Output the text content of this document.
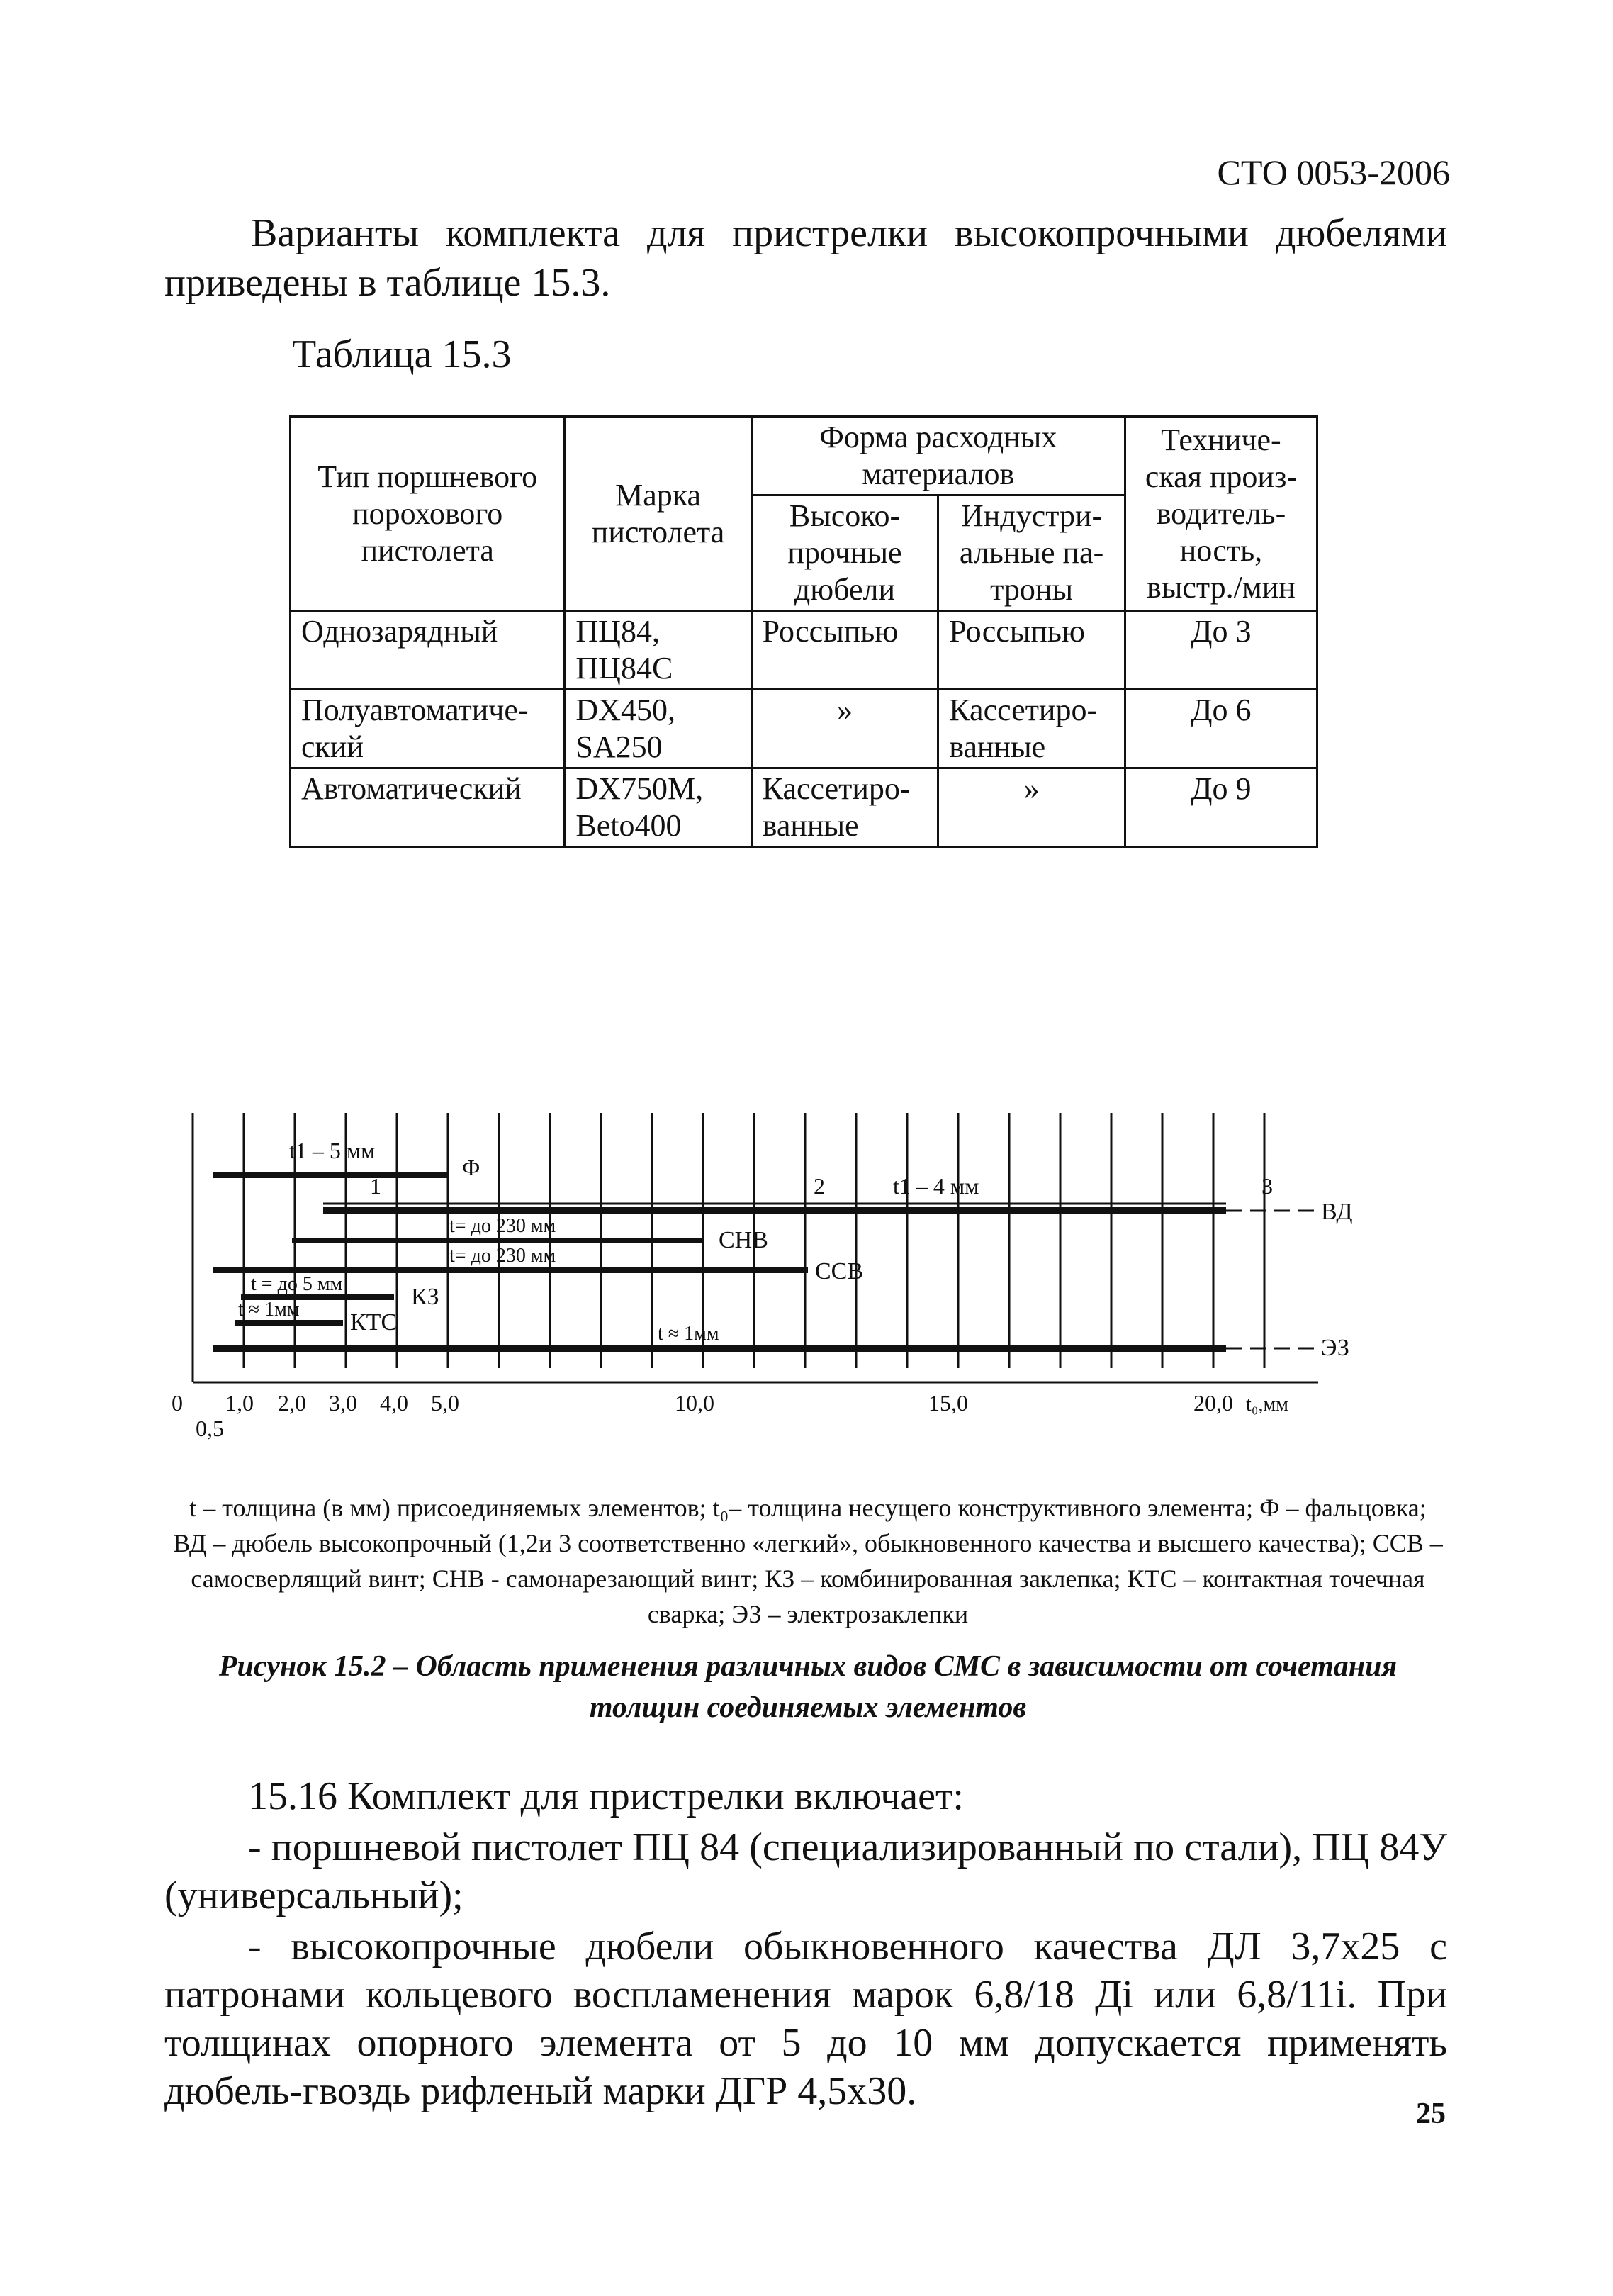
СТО 0053-2006

Варианты комплекта для пристрелки высокопрочными дюбелями приведены в таблице 15.3.

Таблица 15.3
Тип поршневого порохового пистолета	Марка пистолета	Форма расходных материалов		Техниче-ская произ-водитель-ность, выстр./мин
		Высоко-прочные дюбели	Индустри-альные па-троны	
Однозарядный	ПЦ84, ПЦ84С	Россыпью	Россыпью	До 3
Полуавтоматиче-ский	DX450, SA250	»	Кассетиро-ванные	До 6
Автоматический	DX750M, Beto400	Кассетиро-ванные	»	До 9
t1 – 5 мм
Ф
1	2	t1 – 4 мм	3
ВД
t= до 230 мм
СНВ
t= до 230 мм
ССВ
t = до 5 мм	КЗ
t ≈ 1мм КТС	t ≈ 1мм
ЭЗ
0
0,5
1,0 2,0 3,0 4,0 5,0	10,0	15,0	20,0 t₀,мм
t – толщина (в мм) присоединяемых элементов; t₀– толщина несущего конструктивного элемента; Ф – фальцовка; ВД – дюбель высокопрочный (1,2и 3 соответственно «легкий», обыкновенного качества и высшего качества); ССВ – самосверлящий винт; СНВ - самонарезающий винт; КЗ – комбинированная заклепка; КТС – контактная точечная сварка; ЭЗ – электрозаклепки
Рисунок 15.2 – Область применения различных видов СМС в зависимости от сочетания толщин соединяемых элементов

15.16 Комплект для пристрелки включает:

- поршневой пистолет ПЦ 84 (специализированный по стали), ПЦ 84У (универсальный);

- высокопрочные дюбели обыкновенного качества ДЛ 3,7х25 с патронами кольцевого воспламенения марок 6,8/18 Ді или 6,8/11і. При толщинах опорного элемента от 5 до 10 мм допускается применять дюбель-гвоздь рифленый марки ДГР 4,5х30.

25
